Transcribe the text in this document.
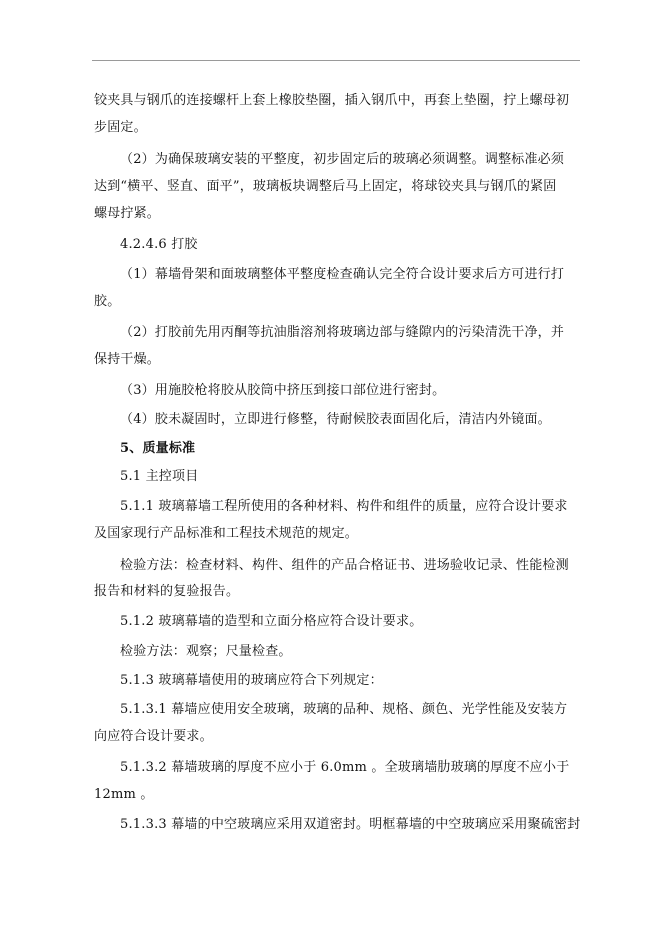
铰夹具与钢爪的连接螺杆上套上橡胶垫圈，插入钢爪中，再套上垫圈，拧上螺母初
步固定。
（2）为确保玻璃安装的平整度，初步固定后的玻璃必须调整。调整标准必须
达到“横平、竖直、面平”，玻璃板块调整后马上固定，将球铰夹具与钢爪的紧固
螺母拧紧。
4.2.4.6 打胶
（1）幕墙骨架和面玻璃整体平整度检查确认完全符合设计要求后方可进行打
胶。
（2）打胶前先用丙酮等抗油脂溶剂将玻璃边部与缝隙内的污染清洗干净，并
保持干燥。
（3）用施胶枪将胶从胶筒中挤压到接口部位进行密封。
（4）胶未凝固时，立即进行修整，待耐候胶表面固化后，清洁内外镜面。
5、质量标准
5.1 主控项目
5.1.1 玻璃幕墙工程所使用的各种材料、构件和组件的质量，应符合设计要求
及国家现行产品标准和工程技术规范的规定。
检验方法：检查材料、构件、组件的产品合格证书、进场验收记录、性能检测
报告和材料的复验报告。
5.1.2 玻璃幕墙的造型和立面分格应符合设计要求。
检验方法：观察；尺量检查。
5.1.3 玻璃幕墙使用的玻璃应符合下列规定：
5.1.3.1 幕墙应使用安全玻璃，玻璃的品种、规格、颜色、光学性能及安装方
向应符合设计要求。
5.1.3.2 幕墙玻璃的厚度不应小于 6.0mm 。全玻璃墙肋玻璃的厚度不应小于
12mm 。
5.1.3.3 幕墙的中空玻璃应采用双道密封。明框幕墙的中空玻璃应采用聚硫密封
